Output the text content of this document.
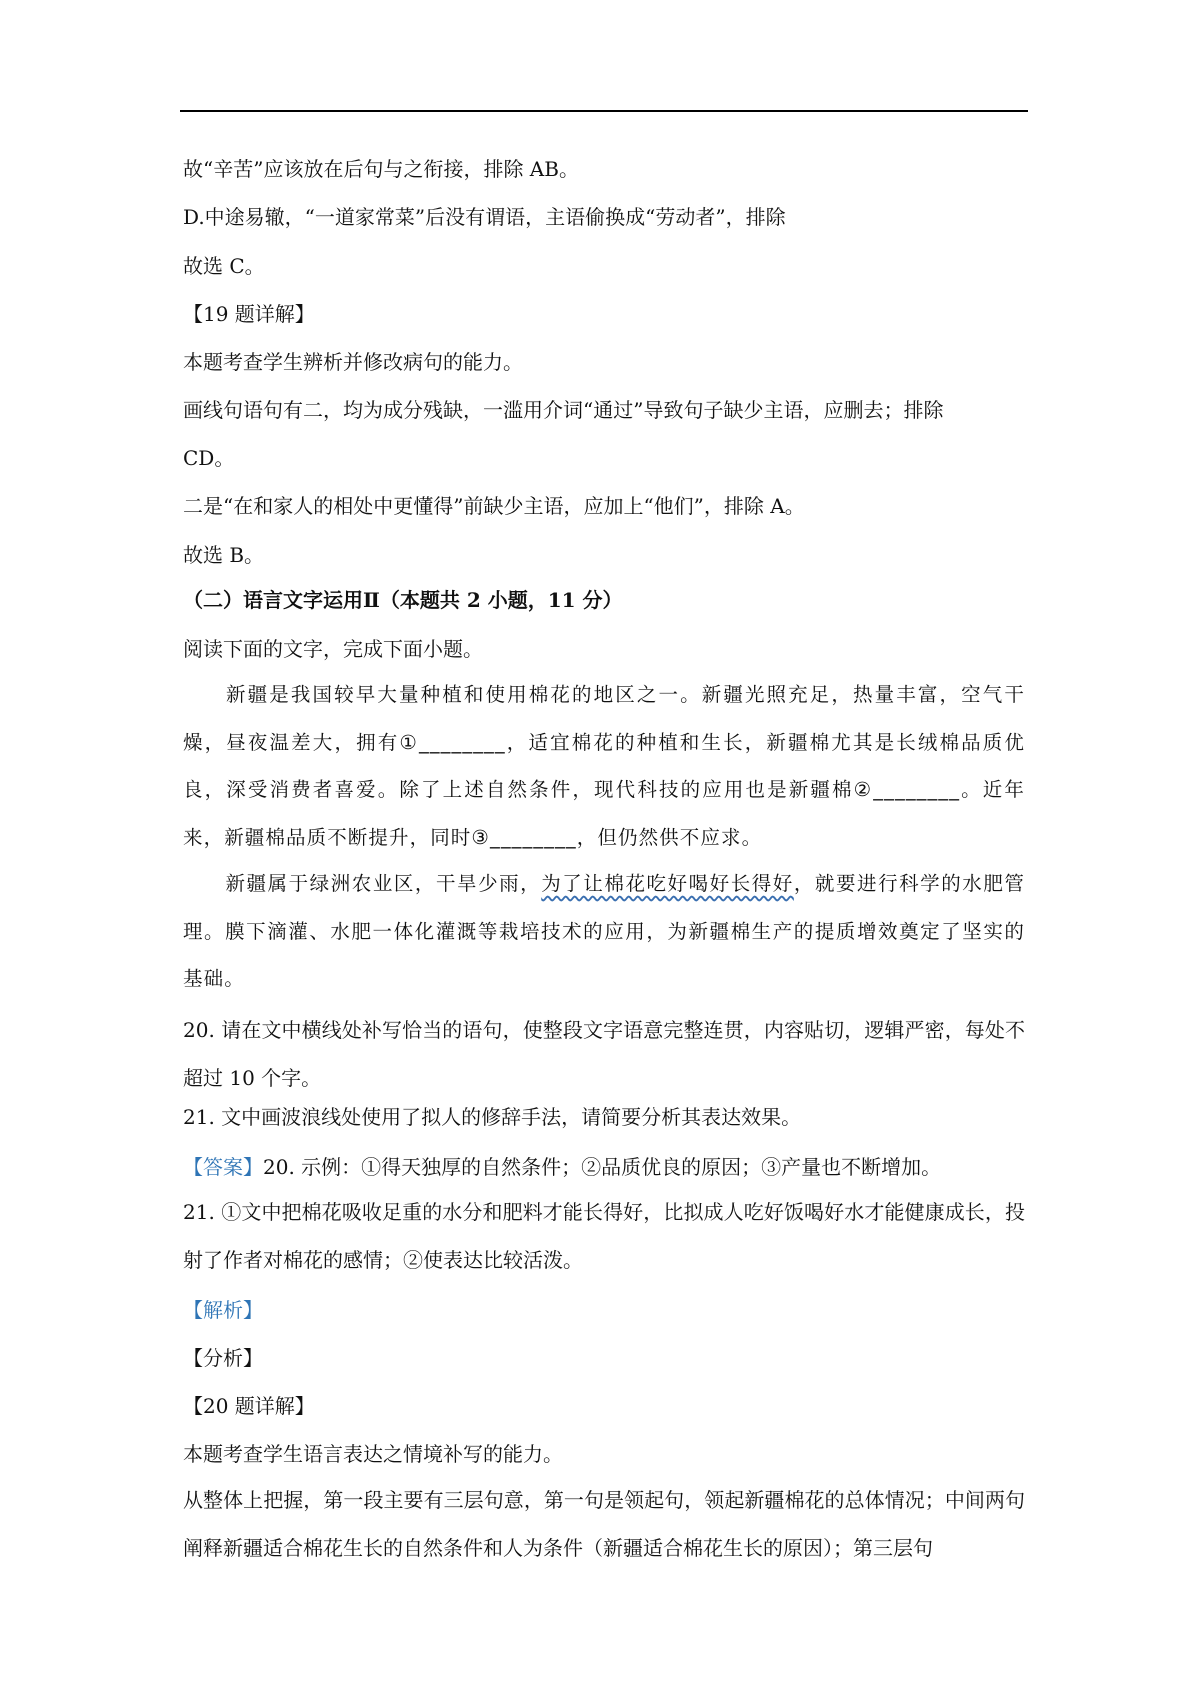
故“辛苦”应该放在后句与之衔接，排除 AB。
D.中途易辙，“一道家常菜”后没有谓语，主语偷换成“劳动者”，排除
故选 C。
【19 题详解】
本题考查学生辨析并修改病句的能力。
画线句语句有二，均为成分残缺，一滥用介词“通过”导致句子缺少主语，应删去；排除
CD。
二是“在和家人的相处中更懂得”前缺少主语，应加上“他们”，排除 A。
故选 B。
（二）语言文字运用Ⅱ（本题共 2 小题，11 分）
阅读下面的文字，完成下面小题。
新疆是我国较早大量种植和使用棉花的地区之一。新疆光照充足，热量丰富，空气干燥，昼夜温差大，拥有①________，适宜棉花的种植和生长，新疆棉尤其是长绒棉品质优良，深受消费者喜爱。除了上述自然条件，现代科技的应用也是新疆棉②________。近年来，新疆棉品质不断提升，同时③________，但仍然供不应求。
新疆属于绿洲农业区，干旱少雨，为了让棉花吃好喝好长得好，就要进行科学的水肥管理。膜下滴灌、水肥一体化灌溉等栽培技术的应用，为新疆棉生产的提质增效奠定了坚实的基础。
20. 请在文中横线处补写恰当的语句，使整段文字语意完整连贯，内容贴切，逻辑严密，每处不超过 10 个字。
21. 文中画波浪线处使用了拟人的修辞手法，请简要分析其表达效果。
【答案】20. 示例：①得天独厚的自然条件；②品质优良的原因；③产量也不断增加。
21. ①文中把棉花吸收足重的水分和肥料才能长得好，比拟成人吃好饭喝好水才能健康成长，投射了作者对棉花的感情；②使表达比较活泼。
【解析】
【分析】
【20 题详解】
本题考查学生语言表达之情境补写的能力。
从整体上把握，第一段主要有三层句意，第一句是领起句，领起新疆棉花的总体情况；中间两句阐释新疆适合棉花生长的自然条件和人为条件（新疆适合棉花生长的原因）；第三层句
